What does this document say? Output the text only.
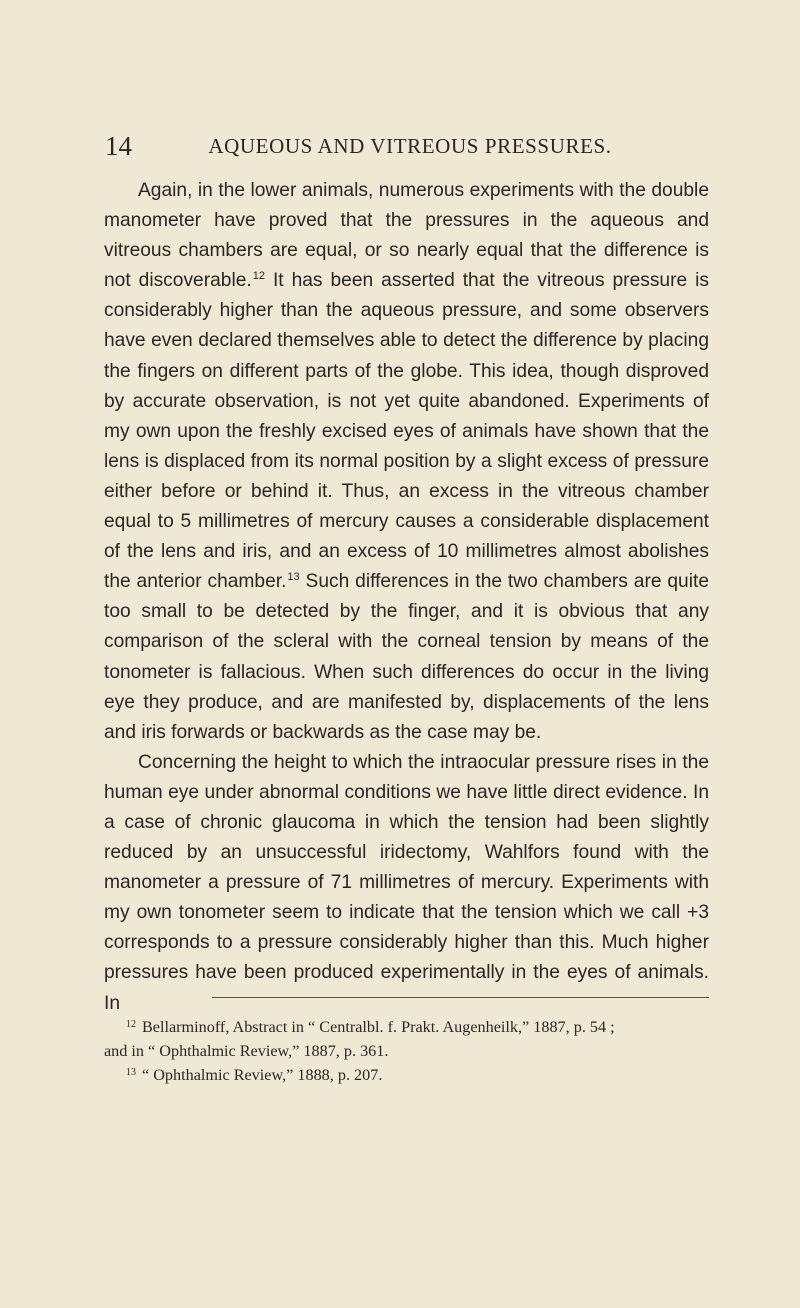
14	AQUEOUS AND VITREOUS PRESSURES.

Again, in the lower animals, numerous experiments with the double manometer have proved that the pressures in the aqueous and vitreous chambers are equal, or so nearly equal that the difference is not discoverable.$^{12}$ It has been asserted that the vitreous pressure is considerably higher than the aqueous pressure, and some observers have even declared themselves able to detect the difference by placing the fingers on different parts of the globe. This idea, though disproved by accurate observation, is not yet quite abandoned. Experiments of my own upon the freshly excised eyes of animals have shown that the lens is displaced from its normal position by a slight excess of pressure either before or behind it. Thus, an excess in the vitreous chamber equal to 5 millimetres of mercury causes a considerable displacement of the lens and iris, and an excess of 10 millimetres almost abolishes the anterior chamber.$^{13}$ Such differences in the two chambers are quite too small to be detected by the finger, and it is obvious that any comparison of the scleral with the corneal tension by means of the tonometer is fallacious. When such differences do occur in the living eye they produce, and are manifested by, displacements of the lens and iris forwards or backwards as the case may be.

Concerning the height to which the intraocular pressure rises in the human eye under abnormal conditions we have little direct evidence. In a case of chronic glaucoma in which the tension had been slightly reduced by an unsuccessful iridectomy, Wahlfors found with the manometer a pressure of 71 millimetres of mercury. Experiments with my own tonometer seem to indicate that the tension which we call +3 corresponds to a pressure considerably higher than this. Much higher pressures have been produced experimentally in the eyes of animals. In

$^{12}$ Bellarminoff, Abstract in “ Centralbl. f. Prakt. Augenheilk,” 1887, p. 54 ;
and in “ Ophthalmic Review,” 1887, p. 361.
$^{13}$ “ Ophthalmic Review,” 1888, p. 207.
